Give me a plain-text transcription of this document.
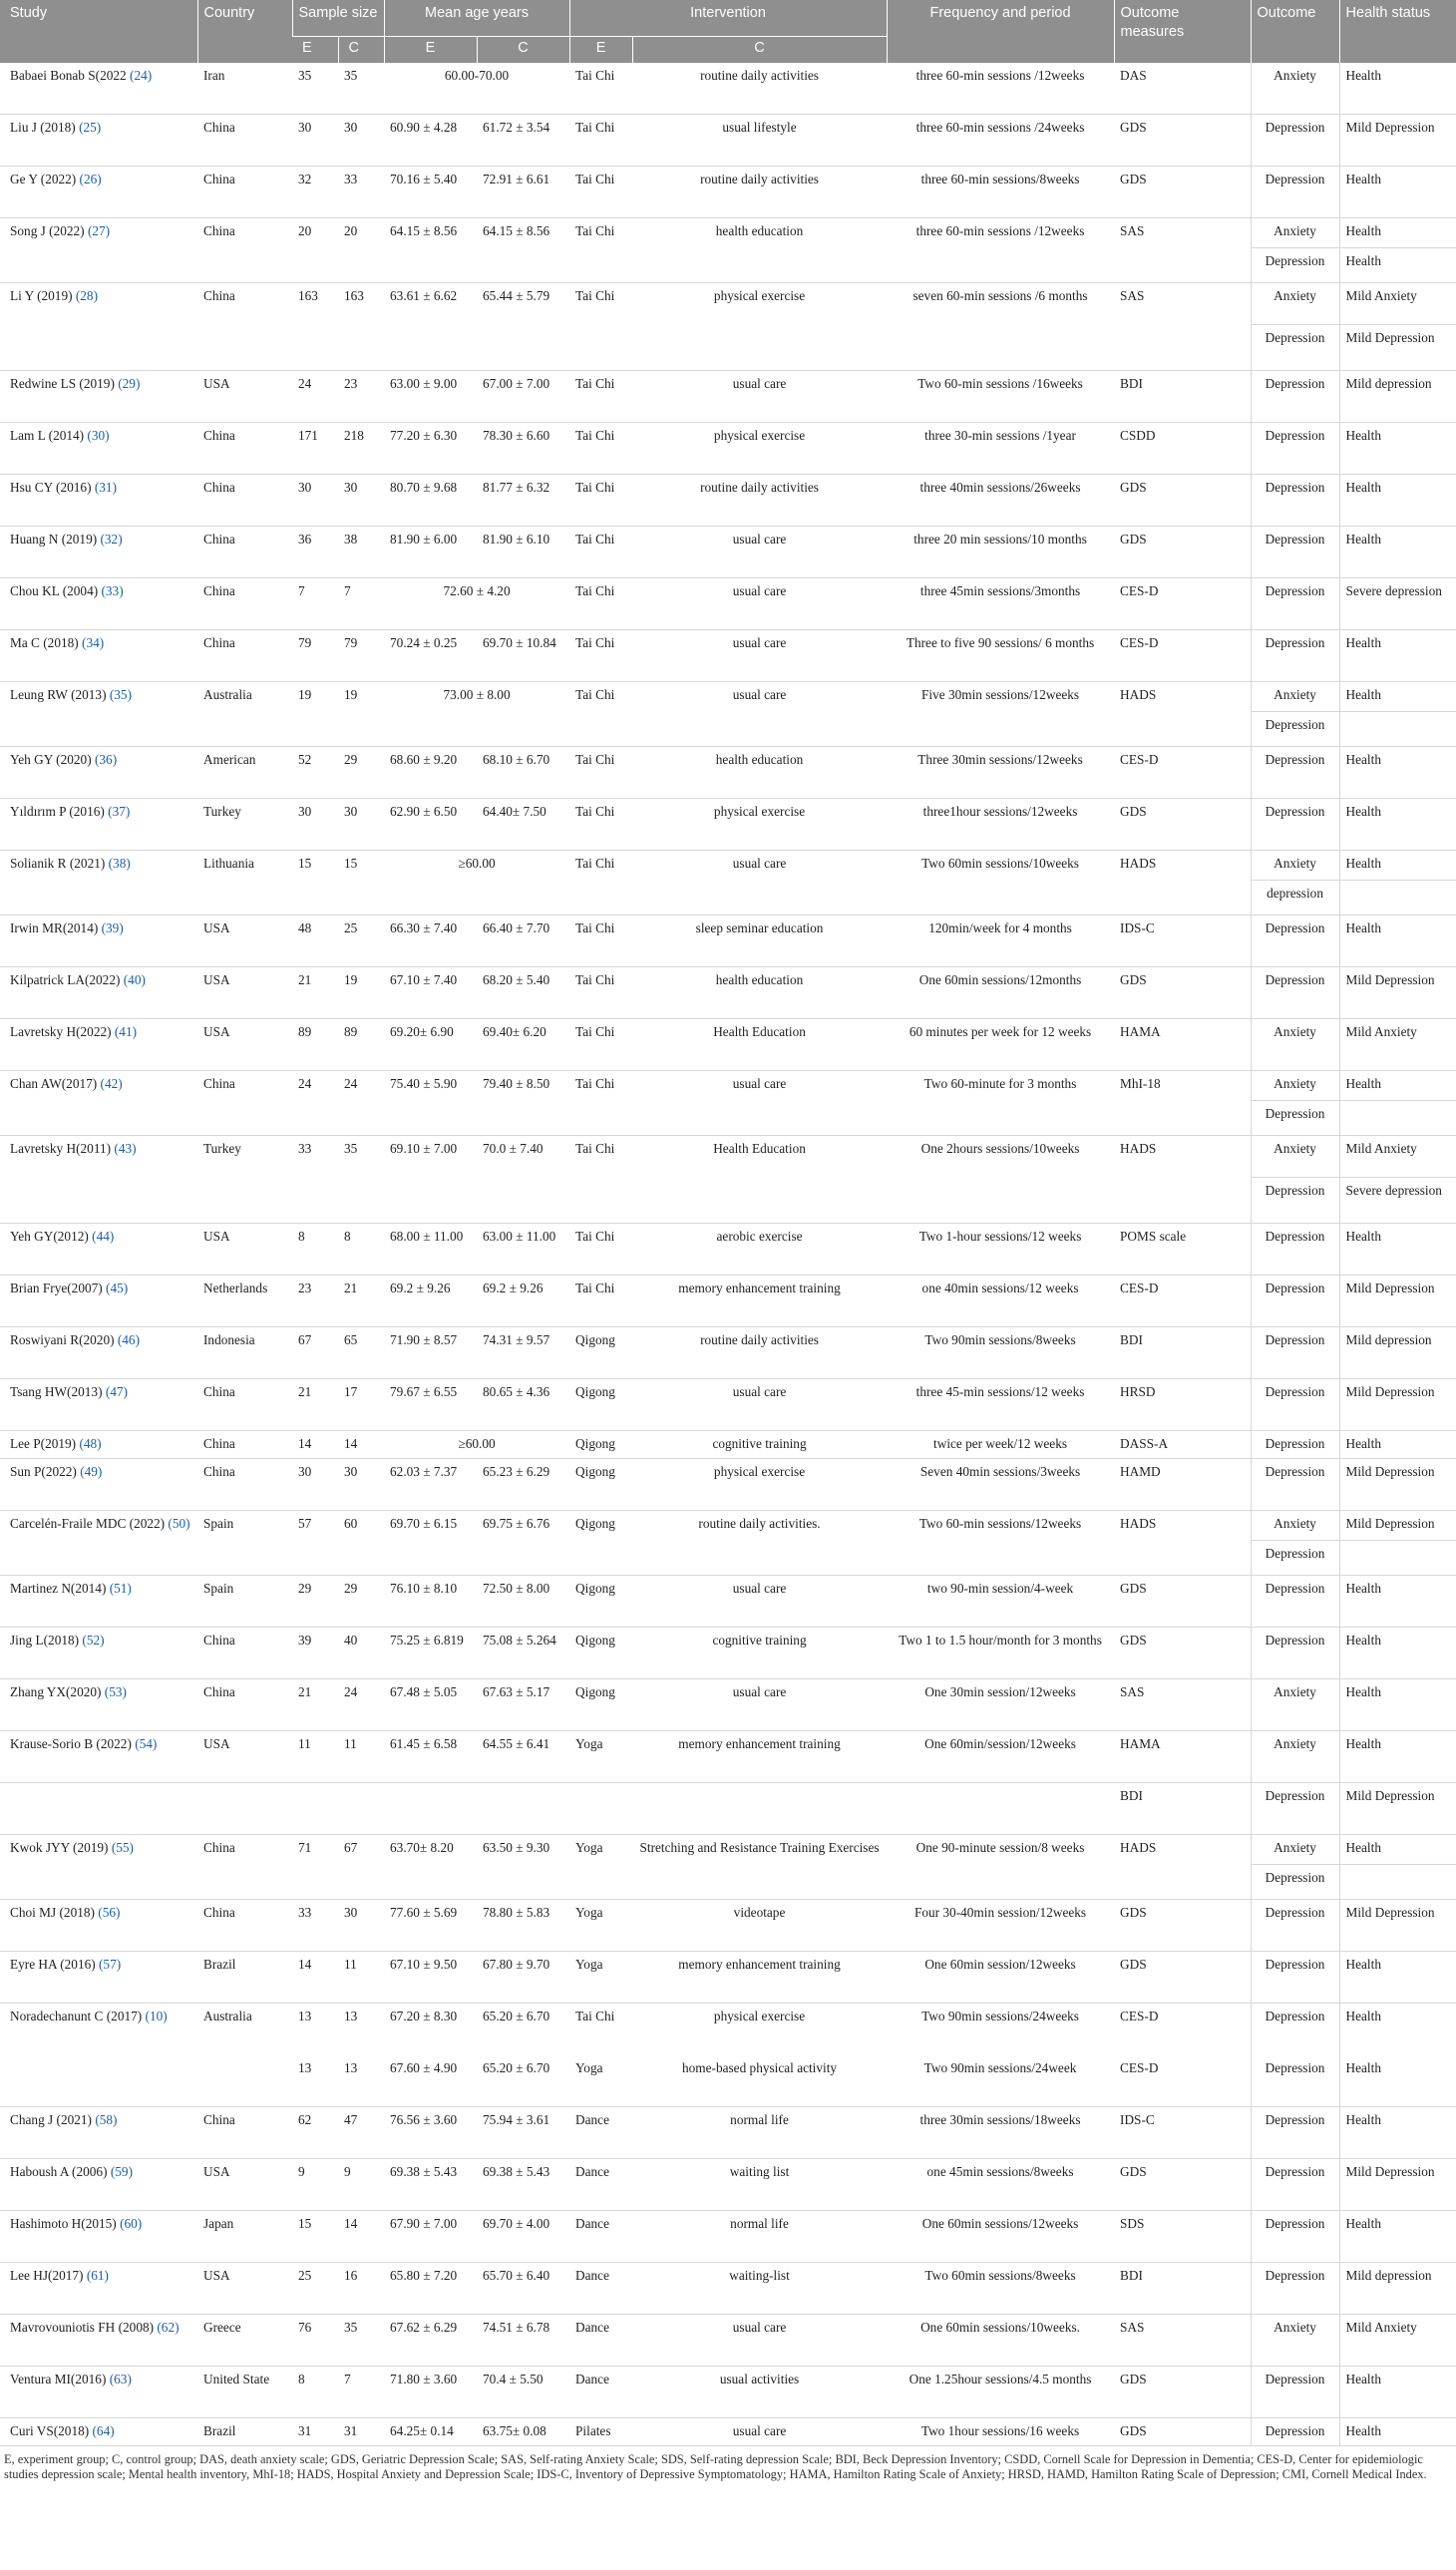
Study	Country	Sample size		Mean age years		Intervention		Frequency and period	Outcome measures	Outcome	Health status
		E	C	E	C	E	C				
Babaei Bonab S(2022 (24)	Iran	35	35	60.00-70.00		Tai Chi	routine daily activities	three 60-min sessions /12weeks	DAS	Anxiety	Health
Liu J (2018) (25)	China	30	30	60.90 ± 4.28	61.72 ± 3.54	Tai Chi	usual lifestyle	three 60-min sessions /24weeks	GDS	Depression	Mild Depression
Ge Y (2022) (26)	China	32	33	70.16 ± 5.40	72.91 ± 6.61	Tai Chi	routine daily activities	three 60-min sessions/8weeks	GDS	Depression	Health
Song J (2022) (27)	China	20	20	64.15 ± 8.56	64.15 ± 8.56	Tai Chi	health education	three 60-min sessions /12weeks	SAS	Anxiety	Health
										Depression	Health
Li Y (2019) (28)	China	163	163	63.61 ± 6.62	65.44 ± 5.79	Tai Chi	physical exercise	seven 60-min sessions /6 months	SAS	Anxiety	Mild Anxiety
										Depression	Mild Depression
Redwine LS (2019) (29)	USA	24	23	63.00 ± 9.00	67.00 ± 7.00	Tai Chi	usual care	Two 60-min sessions /16weeks	BDI	Depression	Mild depression
Lam L (2014) (30)	China	171	218	77.20 ± 6.30	78.30 ± 6.60	Tai Chi	physical exercise	three 30-min sessions /1year	CSDD	Depression	Health
Hsu CY (2016) (31)	China	30	30	80.70 ± 9.68	81.77 ± 6.32	Tai Chi	routine daily activities	three 40min sessions/26weeks	GDS	Depression	Health
Huang N (2019) (32)	China	36	38	81.90 ± 6.00	81.90 ± 6.10	Tai Chi	usual care	three 20 min sessions/10 months	GDS	Depression	Health
Chou KL (2004) (33)	China	7	7	72.60 ± 4.20		Tai Chi	usual care	three 45min sessions/3months	CES-D	Depression	Severe depression
Ma C (2018) (34)	China	79	79	70.24 ± 0.25	69.70 ± 10.84	Tai Chi	usual care	Three to five 90 sessions/ 6 months	CES-D	Depression	Health
Leung RW (2013) (35)	Australia	19	19	73.00 ± 8.00		Tai Chi	usual care	Five 30min sessions/12weeks	HADS	Anxiety	Health
										Depression	
Yeh GY (2020) (36)	American	52	29	68.60 ± 9.20	68.10 ± 6.70	Tai Chi	health education	Three 30min sessions/12weeks	CES-D	Depression	Health
Yıldırım P (2016) (37)	Turkey	30	30	62.90 ± 6.50	64.40± 7.50	Tai Chi	physical exercise	three1hour sessions/12weeks	GDS	Depression	Health
Solianik R (2021) (38)	Lithuania	15	15	≥60.00		Tai Chi	usual care	Two 60min sessions/10weeks	HADS	Anxiety	Health
										depression	
Irwin MR(2014) (39)	USA	48	25	66.30 ± 7.40	66.40 ± 7.70	Tai Chi	sleep seminar education	120min/week for 4 months	IDS-C	Depression	Health
Kilpatrick LA(2022) (40)	USA	21	19	67.10 ± 7.40	68.20 ± 5.40	Tai Chi	health education	One 60min sessions/12months	GDS	Depression	Mild Depression
Lavretsky H(2022) (41)	USA	89	89	69.20± 6.90	69.40± 6.20	Tai Chi	Health Education	60 minutes per week for 12 weeks	HAMA	Anxiety	Mild Anxiety
Chan AW(2017) (42)	China	24	24	75.40 ± 5.90	79.40 ± 8.50	Tai Chi	usual care	Two 60-minute for 3 months	MhI-18	Anxiety	Health
										Depression	
Lavretsky H(2011) (43)	Turkey	33	35	69.10 ± 7.00	70.0 ± 7.40	Tai Chi	Health Education	One 2hours sessions/10weeks	HADS	Anxiety	Mild Anxiety
										Depression	Severe depression
Yeh GY(2012) (44)	USA	8	8	68.00 ± 11.00	63.00 ± 11.00	Tai Chi	aerobic exercise	Two 1-hour sessions/12 weeks	POMS scale	Depression	Health
Brian Frye(2007) (45)	Netherlands	23	21	69.2 ± 9.26	69.2 ± 9.26	Tai Chi	memory enhancement training	one 40min sessions/12 weeks	CES-D	Depression	Mild Depression
Roswiyani R(2020) (46)	Indonesia	67	65	71.90 ± 8.57	74.31 ± 9.57	Qigong	routine daily activities	Two 90min sessions/8weeks	BDI	Depression	Mild depression
Tsang HW(2013) (47)	China	21	17	79.67 ± 6.55	80.65 ± 4.36	Qigong	usual care	three 45-min sessions/12 weeks	HRSD	Depression	Mild Depression
Lee P(2019) (48)	China	14	14	≥60.00		Qigong	cognitive training	twice per week/12 weeks	DASS-A	Depression	Health
Sun P(2022) (49)	China	30	30	62.03 ± 7.37	65.23 ± 6.29	Qigong	physical exercise	Seven 40min sessions/3weeks	HAMD	Depression	Mild Depression
Carcelén-Fraile MDC (2022) (50)	Spain	57	60	69.70 ± 6.15	69.75 ± 6.76	Qigong	routine daily activities.	Two 60-min sessions/12weeks	HADS	Anxiety	Mild Depression
										Depression	
Martinez N(2014) (51)	Spain	29	29	76.10 ± 8.10	72.50 ± 8.00	Qigong	usual care	two 90-min session/4-week	GDS	Depression	Health
Jing L(2018) (52)	China	39	40	75.25 ± 6.819	75.08 ± 5.264	Qigong	cognitive training	Two 1 to 1.5 hour/month for 3 months	GDS	Depression	Health
Zhang YX(2020) (53)	China	21	24	67.48 ± 5.05	67.63 ± 5.17	Qigong	usual care	One 30min session/12weeks	SAS	Anxiety	Health
Krause-Sorio B (2022) (54)	USA	11	11	61.45 ± 6.58	64.55 ± 6.41	Yoga	memory enhancement training	One 60min/session/12weeks	HAMA	Anxiety	Health
									BDI	Depression	Mild Depression
Kwok JYY (2019) (55)	China	71	67	63.70± 8.20	63.50 ± 9.30	Yoga	Stretching and Resistance Training Exercises	One 90-minute session/8 weeks	HADS	Anxiety	Health
										Depression	
Choi MJ (2018) (56)	China	33	30	77.60 ± 5.69	78.80 ± 5.83	Yoga	videotape	Four 30-40min session/12weeks	GDS	Depression	Mild Depression
Eyre HA (2016) (57)	Brazil	14	11	67.10 ± 9.50	67.80 ± 9.70	Yoga	memory enhancement training	One 60min session/12weeks	GDS	Depression	Health
Noradechanunt C (2017) (10)	Australia	13	13	67.20 ± 8.30	65.20 ± 6.70	Tai Chi	physical exercise	Two 90min sessions/24weeks	CES-D	Depression	Health
		13	13	67.60 ± 4.90	65.20 ± 6.70	Yoga	home-based physical activity	Two 90min sessions/24week	CES-D	Depression	Health
Chang J (2021) (58)	China	62	47	76.56 ± 3.60	75.94 ± 3.61	Dance	normal life	three 30min sessions/18weeks	IDS-C	Depression	Health
Haboush A (2006) (59)	USA	9	9	69.38 ± 5.43	69.38 ± 5.43	Dance	waiting list	one 45min sessions/8weeks	GDS	Depression	Mild Depression
Hashimoto H(2015) (60)	Japan	15	14	67.90 ± 7.00	69.70 ± 4.00	Dance	normal life	One 60min sessions/12weeks	SDS	Depression	Health
Lee HJ(2017) (61)	USA	25	16	65.80 ± 7.20	65.70 ± 6.40	Dance	waiting-list	Two 60min sessions/8weeks	BDI	Depression	Mild depression
Mavrovouniotis FH (2008) (62)	Greece	76	35	67.62 ± 6.29	74.51 ± 6.78	Dance	usual care	One 60min sessions/10weeks.	SAS	Anxiety	Mild Anxiety
Ventura MI(2016) (63)	United State	8	7	71.80 ± 3.60	70.4 ± 5.50	Dance	usual activities	One 1.25hour sessions/4.5 months	GDS	Depression	Health
Curi VS(2018) (64)	Brazil	31	31	64.25± 0.14	63.75± 0.08	Pilates	usual care	Two 1hour sessions/16 weeks	GDS	Depression	Health
E, experiment group; C, control group; DAS, death anxiety scale; GDS, Geriatric Depression Scale; SAS, Self-rating Anxiety Scale; SDS, Self-rating depression Scale; BDI, Beck Depression Inventory; CSDD, Cornell Scale for Depression in Dementia; CES-D, Center for epidemiologic studies depression scale; Mental health inventory, MhI-18; HADS, Hospital Anxiety and Depression Scale; IDS-C, Inventory of Depressive Symptomatology; HAMA, Hamilton Rating Scale of Anxiety; HRSD, HAMD, Hamilton Rating Scale of Depression; CMI, Cornell Medical Index.
